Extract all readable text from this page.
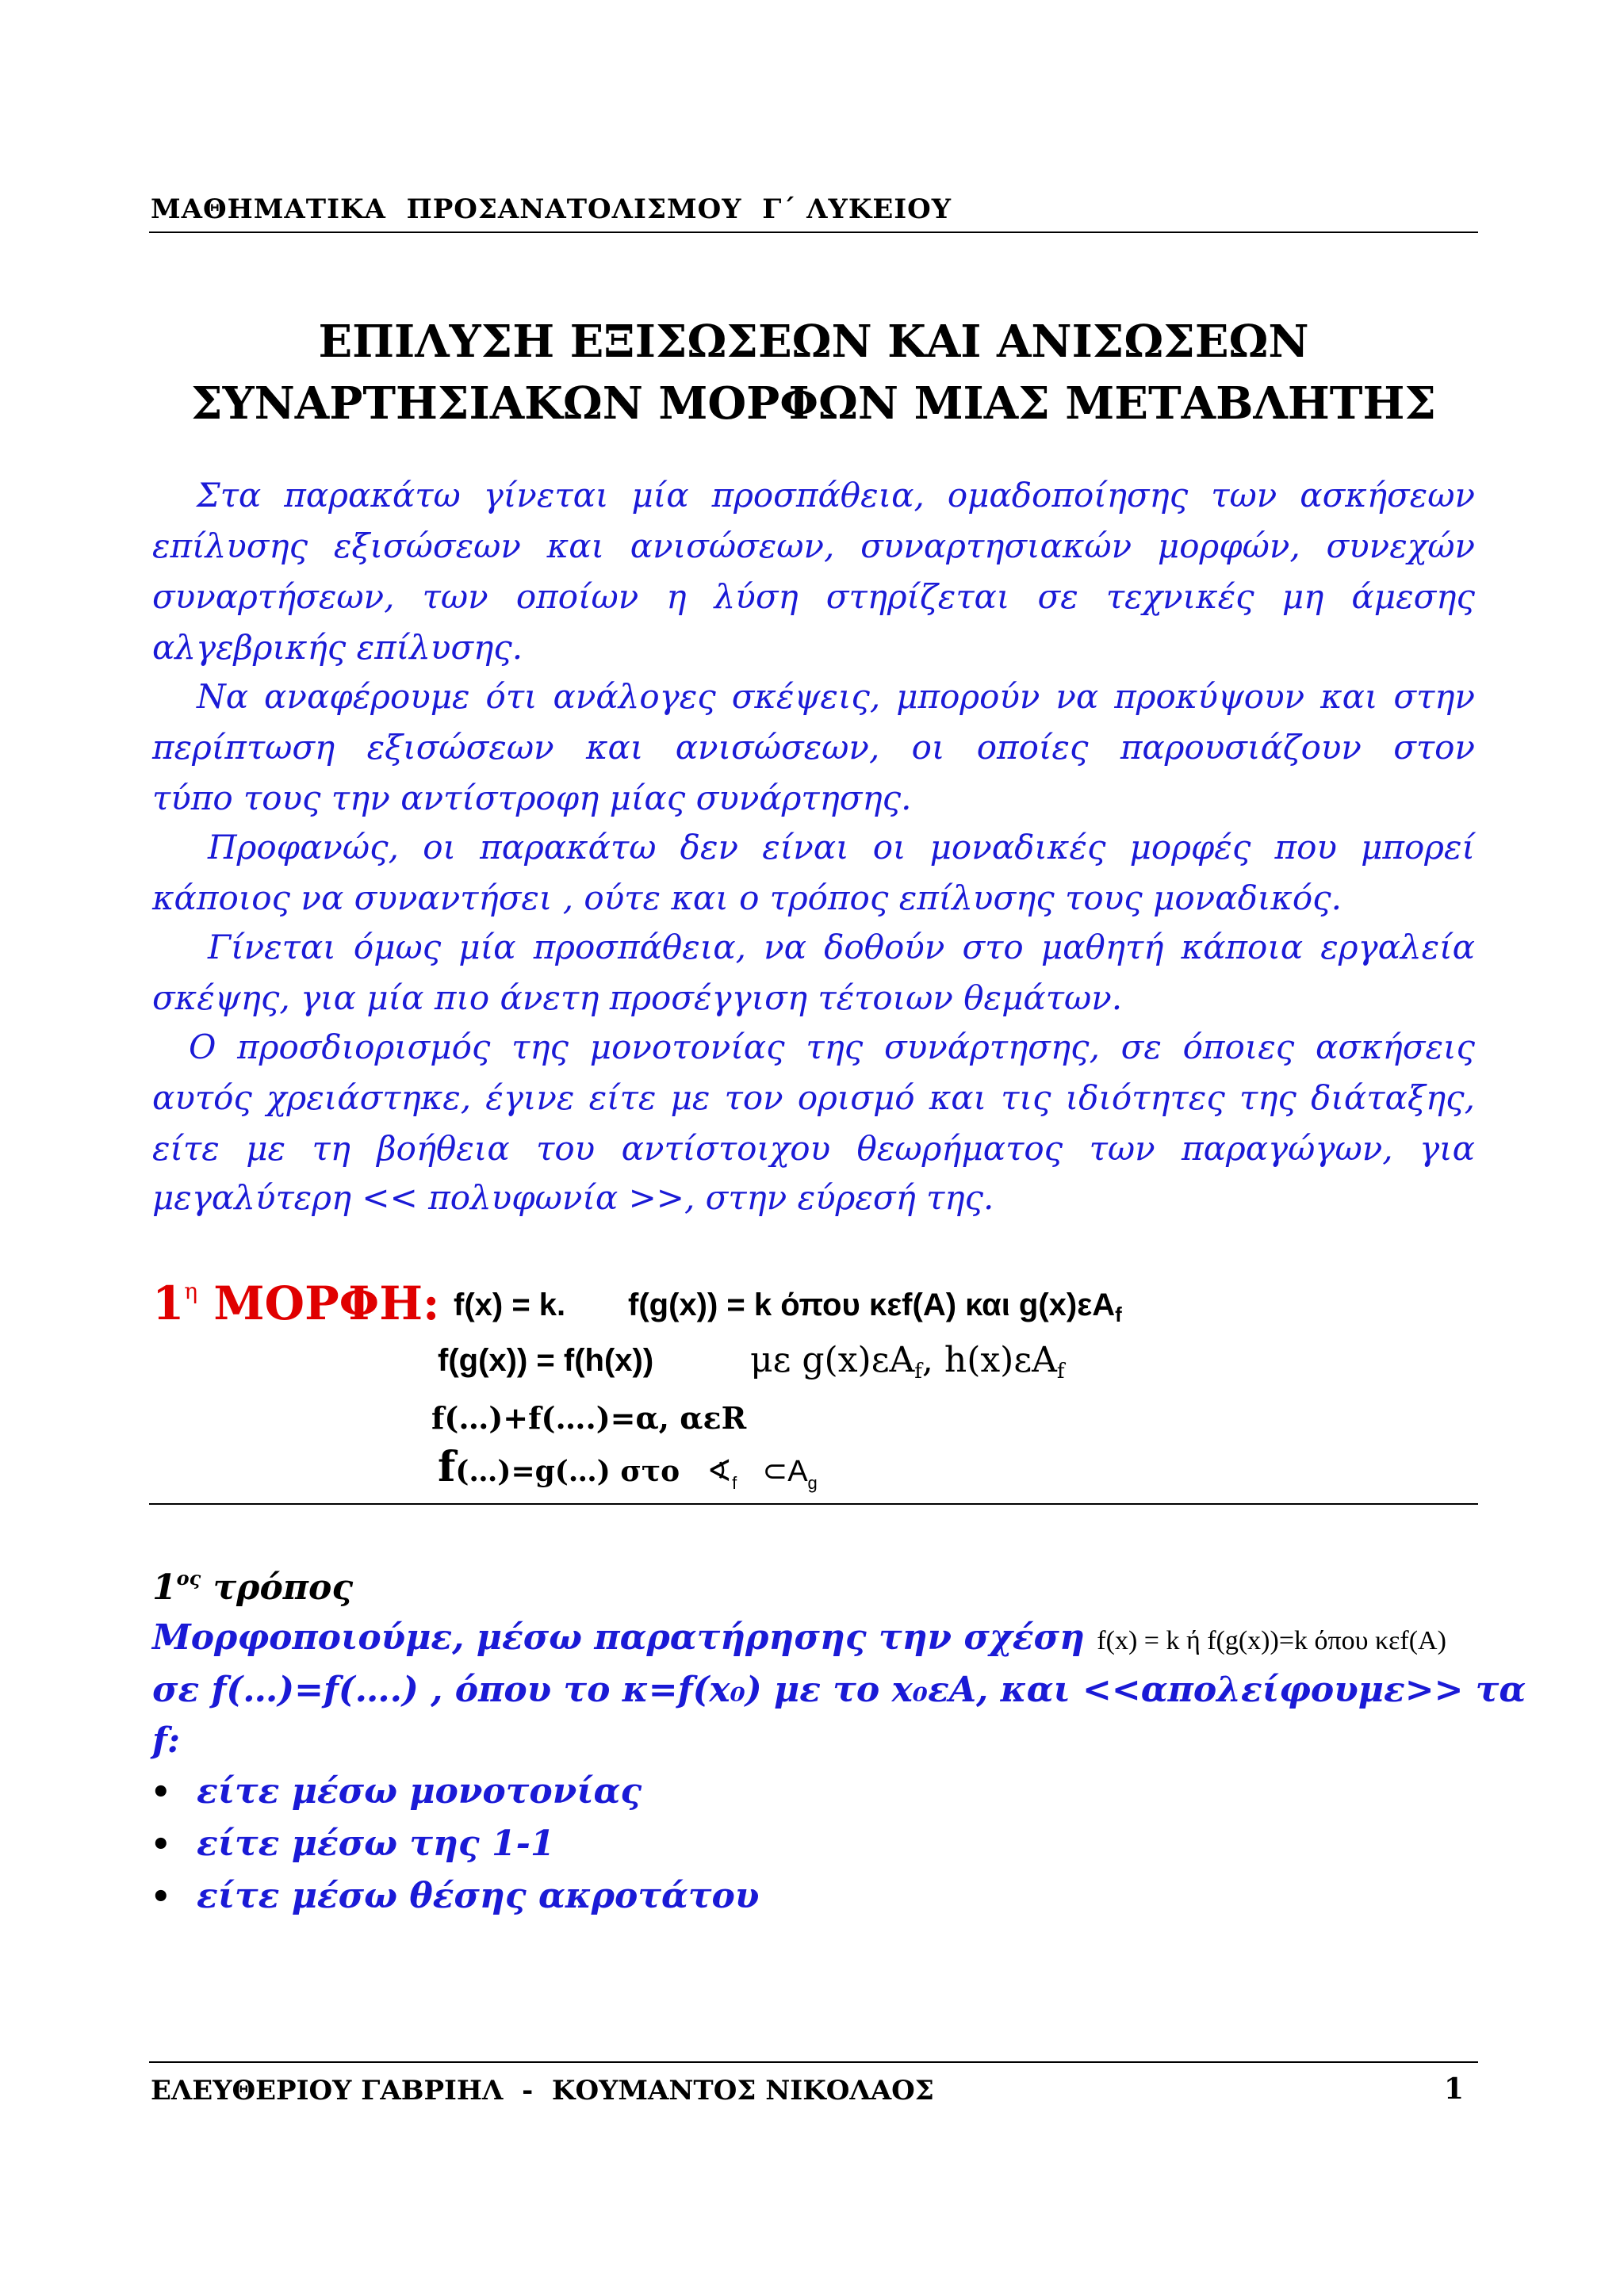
ΜΑΘΗΜΑΤΙΚΑ  ΠΡΟΣΑΝΑΤΟΛΙΣΜΟΥ  Γ΄ ΛΥΚΕΙΟΥ
ΕΠΙΛΥΣΗ ΕΞΙΣΩΣΕΩΝ ΚΑΙ ΑΝΙΣΩΣΕΩΝ
ΣΥΝΑΡΤΗΣΙΑΚΩΝ ΜΟΡΦΩΝ ΜΙΑΣ ΜΕΤΑΒΛΗΤΗΣ
Στα παρακάτω γίνεται μία προσπάθεια, ομαδοποίησης των ασκήσεων
επίλυσης εξισώσεων και ανισώσεων, συναρτησιακών μορφών, συνεχών
συναρτήσεων, των οποίων η λύση στηρίζεται σε τεχνικές μη άμεσης
αλγεβρικής επίλυσης.
Να αναφέρουμε ότι ανάλογες σκέψεις, μπορούν να προκύψουν και στην
περίπτωση εξισώσεων και ανισώσεων, οι οποίες παρουσιάζουν στον
τύπο τους την αντίστροφη μίας συνάρτησης.
Προφανώς, οι παρακάτω δεν είναι οι μοναδικές μορφές που μπορεί
κάποιος να συναντήσει , ούτε και ο τρόπος επίλυσης τους μοναδικός.
Γίνεται όμως μία προσπάθεια, να δοθούν στο μαθητή κάποια εργαλεία
σκέψης, για μία πιο άνετη προσέγγιση τέτοιων θεμάτων.
Ο προσδιορισμός της μονοτονίας της συνάρτησης, σε όποιες ασκήσεις
αυτός χρειάστηκε, έγινε είτε με τον ορισμό και τις ιδιότητες της διάταξης,
είτε με τη βοήθεια του αντίστοιχου θεωρήματος των παραγώγων, για
μεγαλύτερη << πολυφωνία >>, στην εύρεσή της.
$1^\eta$ ΜΟΡΦΗ: f(x) = k. f(g(x)) = k όπου κεf(A) και $g(x)\varepsilon A_f$
f(g(x)) = f(h(x))	με $g(x)\varepsilon A_f$, $h(x)\varepsilon A_f$
f(…)+f(….)=α, αεR
f(…)=g(…) στο ∢f ⊂Ag
$1^{o\varsigma}$ τρόπος
Μορφοποιούμε, μέσω παρατήρησης την σχέση f(x) = k ή f(g(x))=k όπου κεf(A)
σε f(…)=f(….) , όπου το κ=f(x₀) με το x₀εA, και <<απολείφουμε>> τα
f:
• είτε μέσω μονοτονίας
• είτε μέσω της 1-1
• είτε μέσω θέσης ακροτάτου
ΕΛΕΥΘΕΡΙΟΥ ΓΑΒΡΙΗΛ  -  ΚΟΥΜΑΝΤΟΣ ΝΙΚΟΛΑΟΣ	1
